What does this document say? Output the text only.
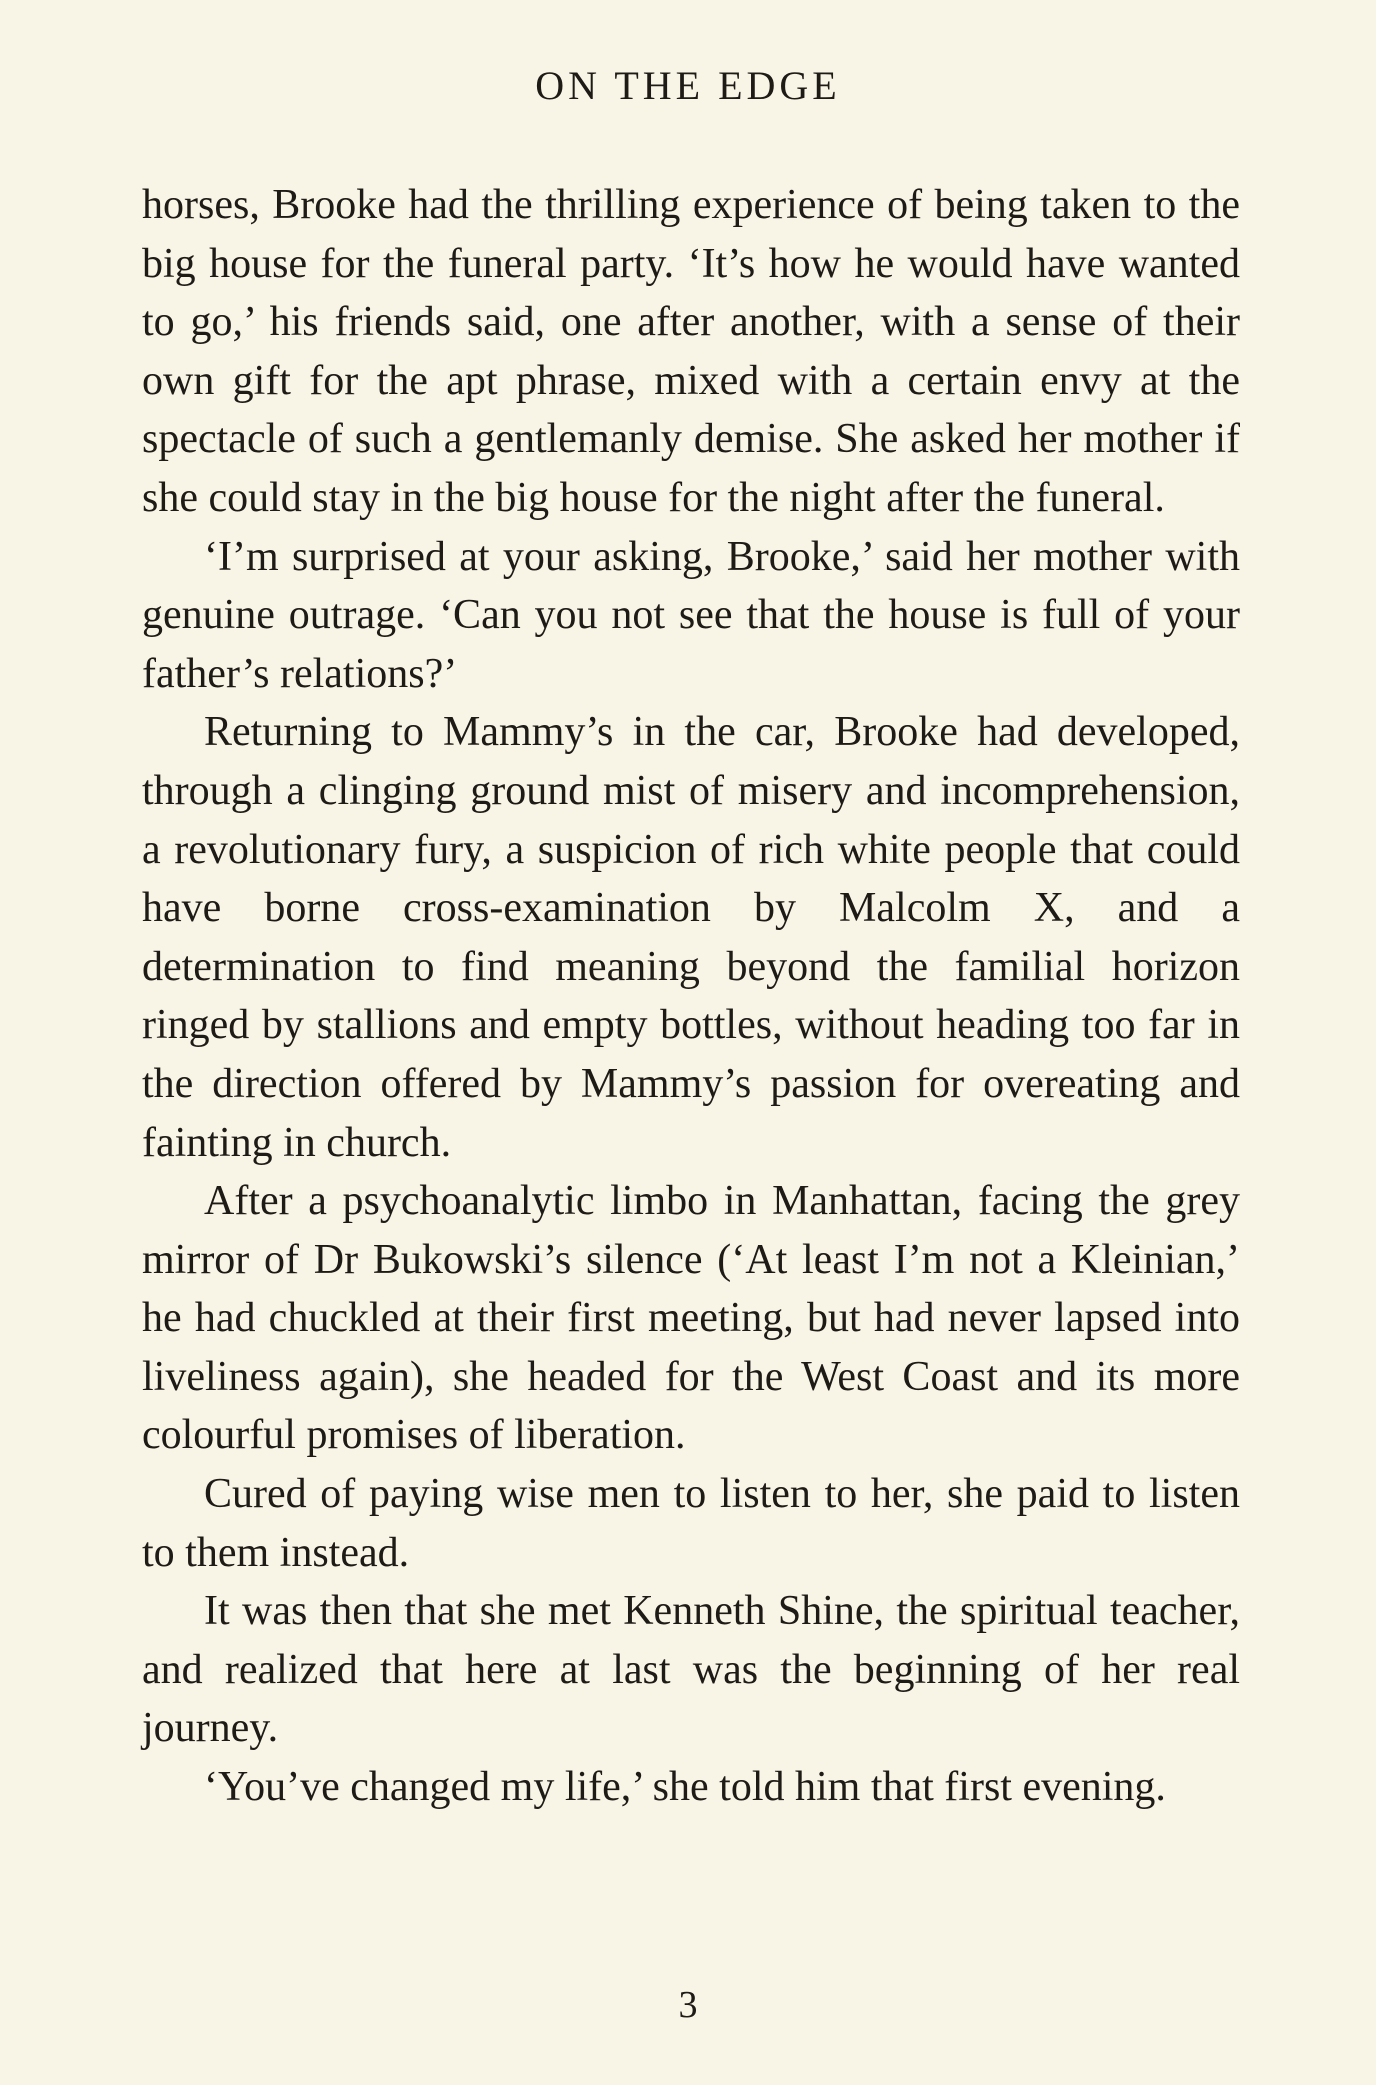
ON THE EDGE

horses, Brooke had the thrilling experience of being taken to the big house for the funeral party. ‘It’s how he would have wanted to go,’ his friends said, one after another, with a sense of their own gift for the apt phrase, mixed with a certain envy at the spectacle of such a gentlemanly demise. She asked her mother if she could stay in the big house for the night after the funeral.

‘I’m surprised at your asking, Brooke,’ said her mother with genuine outrage. ‘Can you not see that the house is full of your father’s relations?’

Returning to Mammy’s in the car, Brooke had developed, through a clinging ground mist of misery and incomprehension, a revolutionary fury, a suspicion of rich white people that could have borne cross-examination by Malcolm X, and a determination to find meaning beyond the familial horizon ringed by stallions and empty bottles, without heading too far in the direction offered by Mammy’s passion for overeating and fainting in church.

After a psychoanalytic limbo in Manhattan, facing the grey mirror of Dr Bukowski’s silence (‘At least I’m not a Kleinian,’ he had chuckled at their first meeting, but had never lapsed into liveliness again), she headed for the West Coast and its more colourful promises of liberation.

Cured of paying wise men to listen to her, she paid to listen to them instead.

It was then that she met Kenneth Shine, the spiritual teacher, and realized that here at last was the beginning of her real journey.

‘You’ve changed my life,’ she told him that first evening.

3
